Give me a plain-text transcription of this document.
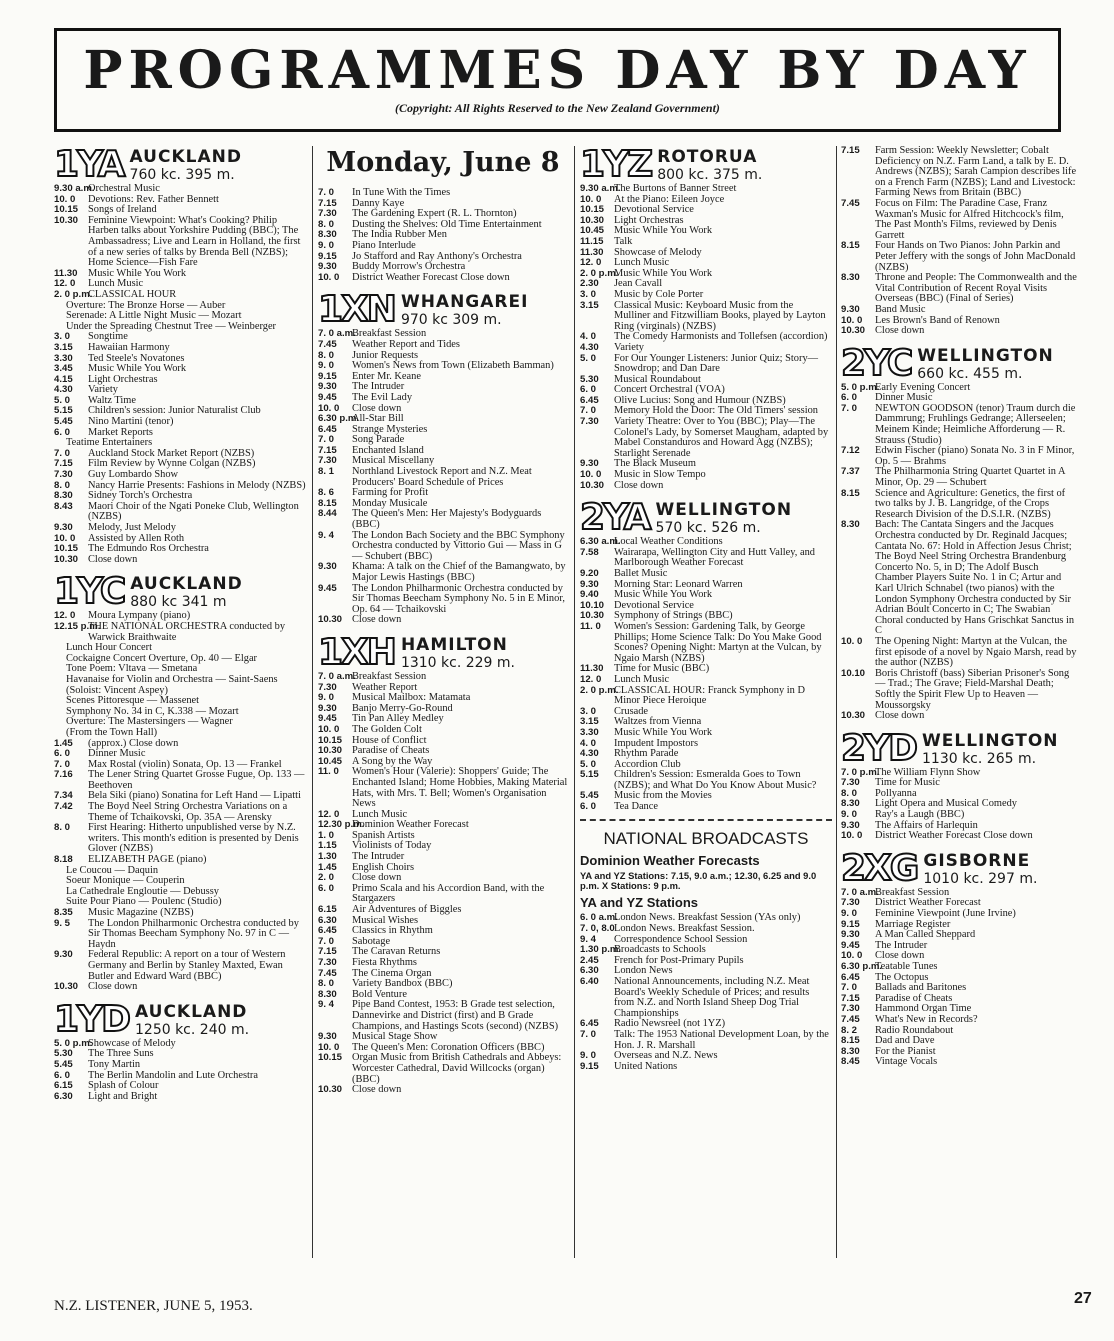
PROGRAMMES DAY BY DAY
(Copyright: All Rights Reserved to the New Zealand Government)
1YA AUCKLAND
760 kc. 395 m.
9.30 a.m.
Orchestral Music
10. 0 Devotions: Rev. Father Bennett
10.15 Songs of Ireland
10.30 Feminine Viewpoint: What's Cooking? Philip Harben talks about Yorkshire Pudding (BBC); The Ambassadress; Live and Learn in Holland, the first of a new series of talks by Brenda Bell (NZBS); Home Science—Fish Fare
11.30 Music While You Work
12. 0 Lunch Music
2. 0 p.m.
CLASSICAL HOUR
Overture: The Bronze Horse — Auber
Serenade: A Little Night Music — Mozart
Under the Spreading Chestnut Tree — Weinberger
3. 0 Songtime
3.15 Hawaiian Harmony
3.30 Ted Steele's Novatones
3.45 Music While You Work
4.15 Light Orchestras
4.30 Variety
5. 0 Waltz Time
5.15 Children's session: Junior Naturalist Club
5.45 Nino Martini (tenor)
6. 0 Market Reports
Teatime Entertainers
7. 0 Auckland Stock Market Report (NZBS)
7.15 Film Review by Wynne Colgan (NZBS)
7.30 Guy Lombardo Show
8. 0 Nancy Harrie Presents: Fashions in Melody (NZBS)
8.30 Sidney Torch's Orchestra
8.43 Maori Choir of the Ngati Poneke Club, Wellington (NZBS)
9.30 Melody, Just Melody
10. 0 Assisted by Allen Roth
10.15 The Edmundo Ros Orchestra
10.30 Close down
1YC AUCKLAND
880 kc 341 m
12. 0 Moura Lympany (piano)
12.15 p.m.
THE NATIONAL ORCHESTRA conducted by Warwick Braithwaite
Lunch Hour Concert
Cockaigne Concert Overture, Op. 40 — Elgar
Tone Poem: Vltava — Smetana
Havanaise for Violin and Orchestra — Saint-Saens
(Soloist: Vincent Aspey)
Scenes Pittoresque — Massenet
Symphony No. 34 in C, K.338 — Mozart
Overture: The Mastersingers — Wagner
(From the Town Hall)
1.45 (approx.) Close down
6. 0 Dinner Music
7. 0 Max Rostal (violin) Sonata, Op. 13 — Frankel
7.16 The Lener String Quartet Grosse Fugue, Op. 133 — Beethoven
7.34 Bela Siki (piano) Sonatina for Left Hand — Lipatti
7.42 The Boyd Neel String Orchestra Variations on a Theme of Tchaikovski, Op. 35A — Arensky
8. 0 First Hearing: Hitherto unpublished verse by N.Z. writers. This month's edition is presented by Denis Glover (NZBS)
8.18 ELIZABETH PAGE (piano)
Le Coucou — Daquin
Soeur Monique — Couperin
La Cathedrale Engloutie — Debussy
Suite Pour Piano — Poulenc (Studio)
8.35 Music Magazine (NZBS)
9. 5 The London Philharmonic Orchestra conducted by Sir Thomas Beecham Symphony No. 97 in C — Haydn
9.30 Federal Republic: A report on a tour of Western Germany and Berlin by Stanley Maxted, Ewan Butler and Edward Ward (BBC)
10.30 Close down
1YD AUCKLAND
1250 kc. 240 m.
5. 0 p.m.
Showcase of Melody
5.30 The Three Suns
5.45 Tony Martin
6. 0 The Berlin Mandolin and Lute Orchestra
6.15 Splash of Colour
6.30 Light and Bright
Monday, June 8
7. 0 In Tune With the Times
7.15 Danny Kaye
7.30 The Gardening Expert (R. L. Thornton)
8. 0 Dusting the Shelves: Old Time Entertainment
8.30 The India Rubber Men
9. 0 Piano Interlude
9.15 Jo Stafford and Ray Anthony's Orchestra
9.30 Buddy Morrow's Orchestra
10. 0 District Weather Forecast Close down
1XN WHANGAREI
970 kc 309 m.
7. 0 a.m.
Breakfast Session
7.45 Weather Report and Tides
8. 0 Junior Requests
9. 0 Women's News from Town (Elizabeth Bamman)
9.15 Enter Mr. Keane
9.30 The Intruder
9.45 The Evil Lady
10. 0 Close down
6.30 p.m.
All-Star Bill
6.45 Strange Mysteries
7. 0 Song Parade
7.15 Enchanted Island
7.30 Musical Miscellany
8. 1 Northland Livestock Report and N.Z. Meat Producers' Board Schedule of Prices
8. 6 Farming for Profit
8.15 Monday Musicale
8.44 The Queen's Men: Her Majesty's Bodyguards (BBC)
9. 4 The London Bach Society and the BBC Symphony Orchestra conducted by Vittorio Gui — Mass in G — Schubert (BBC)
9.30 Khama: A talk on the Chief of the Bamangwato, by Major Lewis Hastings (BBC)
9.45 The London Philharmonic Orchestra conducted by Sir Thomas Beecham Symphony No. 5 in E Minor, Op. 64 — Tchaikovski
10.30 Close down
1XH HAMILTON
1310 kc. 229 m.
7. 0 a.m.
Breakfast Session
7.30 Weather Report
9. 0 Musical Mailbox: Matamata
9.30 Banjo Merry-Go-Round
9.45 Tin Pan Alley Medley
10. 0 The Golden Colt
10.15 House of Conflict
10.30 Paradise of Cheats
10.45 A Song by the Way
11. 0 Women's Hour (Valerie): Shoppers' Guide; The Enchanted Island; Home Hobbies, Making Material Hats, with Mrs. T. Bell; Women's Organisation News
12. 0 Lunch Music
12.30 p.m.
Dominion Weather Forecast
1. 0 Spanish Artists
1.15 Violinists of Today
1.30 The Intruder
1.45 English Choirs
2. 0 Close down
6. 0 Primo Scala and his Accordion Band, with the Stargazers
6.15 Air Adventures of Biggles
6.30 Musical Wishes
6.45 Classics in Rhythm
7. 0 Sabotage
7.15 The Caravan Returns
7.30 Fiesta Rhythms
7.45 The Cinema Organ
8. 0 Variety Bandbox (BBC)
8.30 Bold Venture
9. 4 Pipe Band Contest, 1953: B Grade test selection, Dannevirke and District (first) and B Grade Champions, and Hastings Scots (second) (NZBS)
9.30 Musical Stage Show
10. 0 The Queen's Men: Coronation Officers (BBC)
10.15 Organ Music from British Cathedrals and Abbeys: Worcester Cathedral, David Willcocks (organ) (BBC)
10.30 Close down
1YZ ROTORUA
800 kc. 375 m.
9.30 a.m.
The Burtons of Banner Street
10. 0 At the Piano: Eileen Joyce
10.15 Devotional Service
10.30 Light Orchestras
10.45 Music While You Work
11.15 Talk
11.30 Showcase of Melody
12. 0 Lunch Music
2. 0 p.m.
Music While You Work
2.30 Jean Cavall
3. 0 Music by Cole Porter
3.15 Classical Music: Keyboard Music from the Mulliner and Fitzwilliam Books, played by Layton Ring (virginals) (NZBS)
4. 0 The Comedy Harmonists and Tollefsen (accordion)
4.30 Variety
5. 0 For Our Younger Listeners: Junior Quiz; Story—Snowdrop; and Dan Dare
5.30 Musical Roundabout
6. 0 Concert Orchestral (VOA)
6.45 Olive Lucius: Song and Humour (NZBS)
7. 0 Memory Hold the Door: The Old Timers' session
7.30 Variety Theatre: Over to You (BBC); Play—The Colonel's Lady, by Somerset Maugham, adapted by Mabel Constanduros and Howard Agg (NZBS); Starlight Serenade
9.30 The Black Museum
10. 0 Music in Slow Tempo
10.30 Close down
2YA WELLINGTON
570 kc. 526 m.
6.30 a.m.
Local Weather Conditions
7.58 Wairarapa, Wellington City and Hutt Valley, and Marlborough Weather Forecast
9.20 Ballet Music
9.30 Morning Star: Leonard Warren
9.40 Music While You Work
10.10 Devotional Service
10.30 Symphony of Strings (BBC)
11. 0 Women's Session: Gardening Talk, by George Phillips; Home Science Talk: Do You Make Good Scones? Opening Night: Martyn at the Vulcan, by Ngaio Marsh (NZBS)
11.30 Time for Music (BBC)
12. 0 Lunch Music
2. 0 p.m.
CLASSICAL HOUR: Franck Symphony in D Minor Piece Heroique
3. 0 Crusade
3.15 Waltzes from Vienna
3.30 Music While You Work
4. 0 Impudent Impostors
4.30 Rhythm Parade
5. 0 Accordion Club
5.15 Children's Session: Esmeralda Goes to Town (NZBS); and What Do You Know About Music?
5.45 Music from the Movies
6. 0 Tea Dance
NATIONAL BROADCASTS
Dominion Weather Forecasts
YA and YZ Stations: 7.15, 9.0 a.m.; 12.30, 6.25 and 9.0 p.m. X Stations: 9 p.m.
YA and YZ Stations
6. 0 a.m.
London News. Breakfast Session (YAs only)
7. 0, 8.0 London News. Breakfast Session.
9. 4 Correspondence School Session
1.30 p.m.
Broadcasts to Schools
2.45 French for Post-Primary Pupils
6.30 London News
6.40 National Announcements, including N.Z. Meat Board's Weekly Schedule of Prices; and results from N.Z. and North Island Sheep Dog Trial Championships
6.45 Radio Newsreel (not 1YZ)
7. 0 Talk: The 1953 National Development Loan, by the Hon. J. R. Marshall
9. 0 Overseas and N.Z. News
9.15 United Nations
7.15 Farm Session: Weekly Newsletter; Cobalt Deficiency on N.Z. Farm Land, a talk by E. D. Andrews (NZBS); Sarah Campion describes life on a French Farm (NZBS); Land and Livestock: Farming News from Britain (BBC)
7.45 Focus on Film: The Paradine Case, Franz Waxman's Music for Alfred Hitchcock's film, The Past Month's Films, reviewed by Denis Garrett
8.15 Four Hands on Two Pianos: John Parkin and Peter Jeffery with the songs of John MacDonald (NZBS)
8.30 Throne and People: The Commonwealth and the Vital Contribution of Recent Royal Visits Overseas (BBC) (Final of Series)
9.30 Band Music
10. 0 Les Brown's Band of Renown
10.30 Close down
2YC WELLINGTON
660 kc. 455 m.
5. 0 p.m.
Early Evening Concert
6. 0 Dinner Music
7. 0 NEWTON GOODSON (tenor) Traum durch die Dammrung; Fruhlings Gedrange; Allerseelen; Meinem Kinde; Heimliche Afforderung — R. Strauss (Studio)
7.12 Edwin Fischer (piano) Sonata No. 3 in F Minor, Op. 5 — Brahms
7.37 The Philharmonia String Quartet Quartet in A Minor, Op. 29 — Schubert
8.15 Science and Agriculture: Genetics, the first of two talks by J. B. Langridge, of the Crops Research Division of the D.S.I.R. (NZBS)
8.30 Bach: The Cantata Singers and the Jacques Orchestra conducted by Dr. Reginald Jacques; Cantata No. 67: Hold in Affection Jesus Christ; The Boyd Neel String Orchestra Brandenburg Concerto No. 5, in D; The Adolf Busch Chamber Players Suite No. 1 in C; Artur and Karl Ulrich Schnabel (two pianos) with the London Symphony Orchestra conducted by Sir Adrian Boult Concerto in C; The Swabian Choral conducted by Hans Grischkat Sanctus in C
10. 0 The Opening Night: Martyn at the Vulcan, the first episode of a novel by Ngaio Marsh, read by the author (NZBS)
10.10 Boris Christoff (bass) Siberian Prisoner's Song — Trad.; The Grave; Field-Marshal Death; Softly the Spirit Flew Up to Heaven — Moussorgsky
10.30 Close down
2YD WELLINGTON
1130 kc. 265 m.
7. 0 p.m.
The William Flynn Show
7.30 Time for Music
8. 0 Pollyanna
8.30 Light Opera and Musical Comedy
9. 0 Ray's a Laugh (BBC)
9.30 The Affairs of Harlequin
10. 0 District Weather Forecast Close down
2XG GISBORNE
1010 kc. 297 m.
7. 0 a.m.
Breakfast Session
7.30 District Weather Forecast
9. 0 Feminine Viewpoint (June Irvine)
9.15 Marriage Register
9.30 A Man Called Sheppard
9.45 The Intruder
10. 0 Close down
6.30 p.m.
Teatable Tunes
6.45 The Octopus
7. 0 Ballads and Baritones
7.15 Paradise of Cheats
7.30 Hammond Organ Time
7.45 What's New in Records?
8. 2 Radio Roundabout
8.15 Dad and Dave
8.30 For the Pianist
8.45 Vintage Vocals
N.Z. LISTENER, JUNE 5, 1953.	27
